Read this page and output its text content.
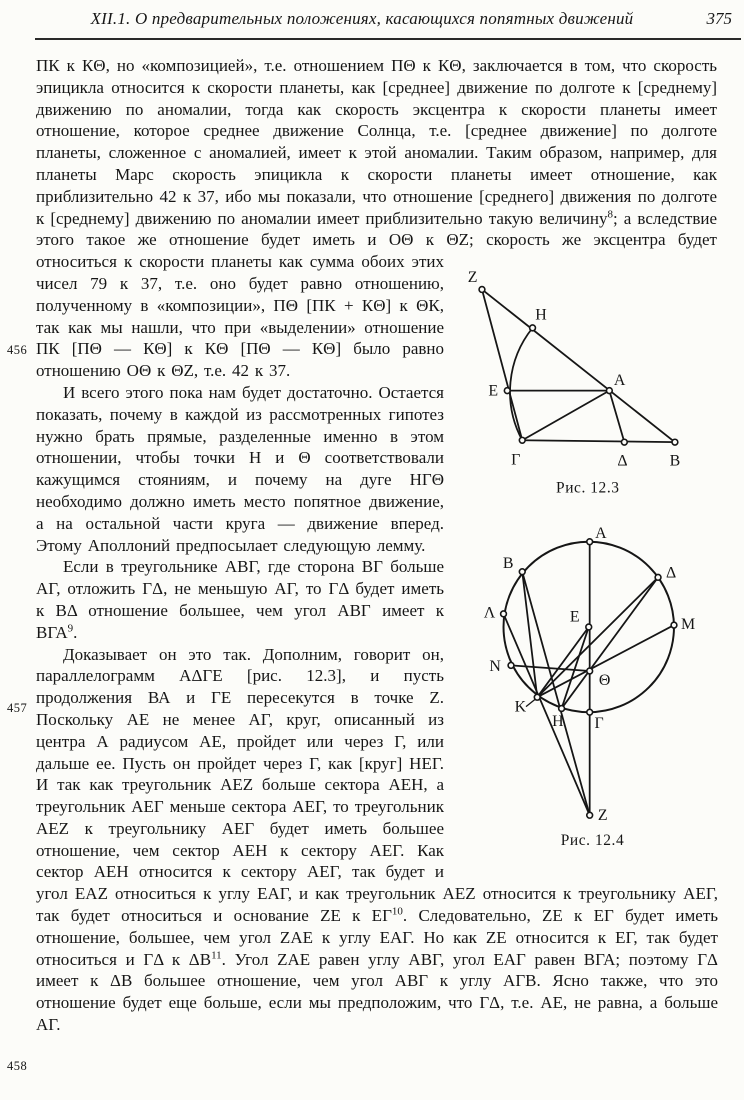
XII.1. О предварительных положениях, касающихся попятных движений	375
Z
H
E
A
Г	Δ B
Рис. 12.3
A
B
Δ
Λ
M
E
N
Θ
K
H Г
Z
Рис. 12.4

ПК к КΘ, но «композицией», т.е. отношением ПΘ к КΘ, заключается в том, что скорость эпицикла относится к скорости планеты, как [среднее] движение по долготе к [среднему] движению по аномалии, тогда как скорость эксцентра к скорости планеты имеет отношение, которое среднее движение Солнца, т.е. [среднее движение] по долготе планеты, сложенное с аномалией, имеет к этой аномалии. Таким образом, например, для планеты Марс скорость эпицикла к скорости планеты имеет отношение, как приблизительно 42 к 37, ибо мы показали, что отношение [среднего] движения по долготе к [среднему] движению по аномалии имеет приблизительно такую величину$^8$; а вследствие этого такое же отношение будет иметь и ОΘ к ΘZ; скорость же эксцентра будет относиться к скорости планеты как сумма обоих этих чисел 79 к 37, т.е. оно будет равно отношению, полученному в «композиции», ПΘ [ПК + КΘ] к ΘК, так как мы нашли, что при «выделении» отношение ПК [ПΘ — КΘ] к КΘ [ПΘ — КΘ] было равно отношению ОΘ к ΘZ, т.е. 42 к 37.

И всего этого пока нам будет достаточно. Остается показать, почему в каждой из рассмотренных гипотез нужно брать прямые, разделенные именно в этом отношении, чтобы точки Н и Θ соответствовали кажущимся стояниям, и почему на дуге НГΘ необходимо должно иметь место попятное движение, а на остальной части круга — движение вперед. Этому Аполлоний предпосылает следующую лемму.

Если в треугольнике АВГ, где сторона ВГ больше АГ, отложить ГΔ, не меньшую АГ, то ГΔ будет иметь к ВΔ отношение большее, чем угол АВГ имеет к ВГА$^9$.

Доказывает он это так. Дополним, говорит он, параллелограмм АΔГЕ [рис. 12.3], и пусть продолжения ВА и ГЕ пересекутся в точке Z. Поскольку АЕ не менее АГ, круг, описанный из центра А радиусом АЕ, пройдет или через Г, или дальше ее. Пусть он пройдет через Г, как [круг] НЕГ. И так как треугольник AEZ больше сектора АЕН, а треугольник АЕГ меньше сектора АЕГ, то треугольник AEZ к треугольнику АЕГ будет иметь большее отношение, чем сектор АЕН к сектору АЕГ. Как сектор АЕН относится к сектору АЕГ, так будет и угол EAZ относиться к углу ЕАГ, и как треугольник AEZ относится к треугольнику АЕГ, так будет относиться и основание ZE к ЕГ$^{10}$. Следовательно, ZE к ЕГ будет иметь отношение, большее, чем угол ZAE к углу ЕАГ. Но как ZE относится к ЕГ, так будет относиться и ГΔ к ΔВ$^{11}$. Угол ZAE равен углу АВГ, угол ЕАГ равен ВГА; поэтому ГΔ имеет к ΔВ большее отношение, чем угол АВГ к углу АГВ. Ясно также, что это отношение будет еще больше, если мы предположим, что ГΔ, т.е. АЕ, не равна, а больше АГ.

456
457
458
